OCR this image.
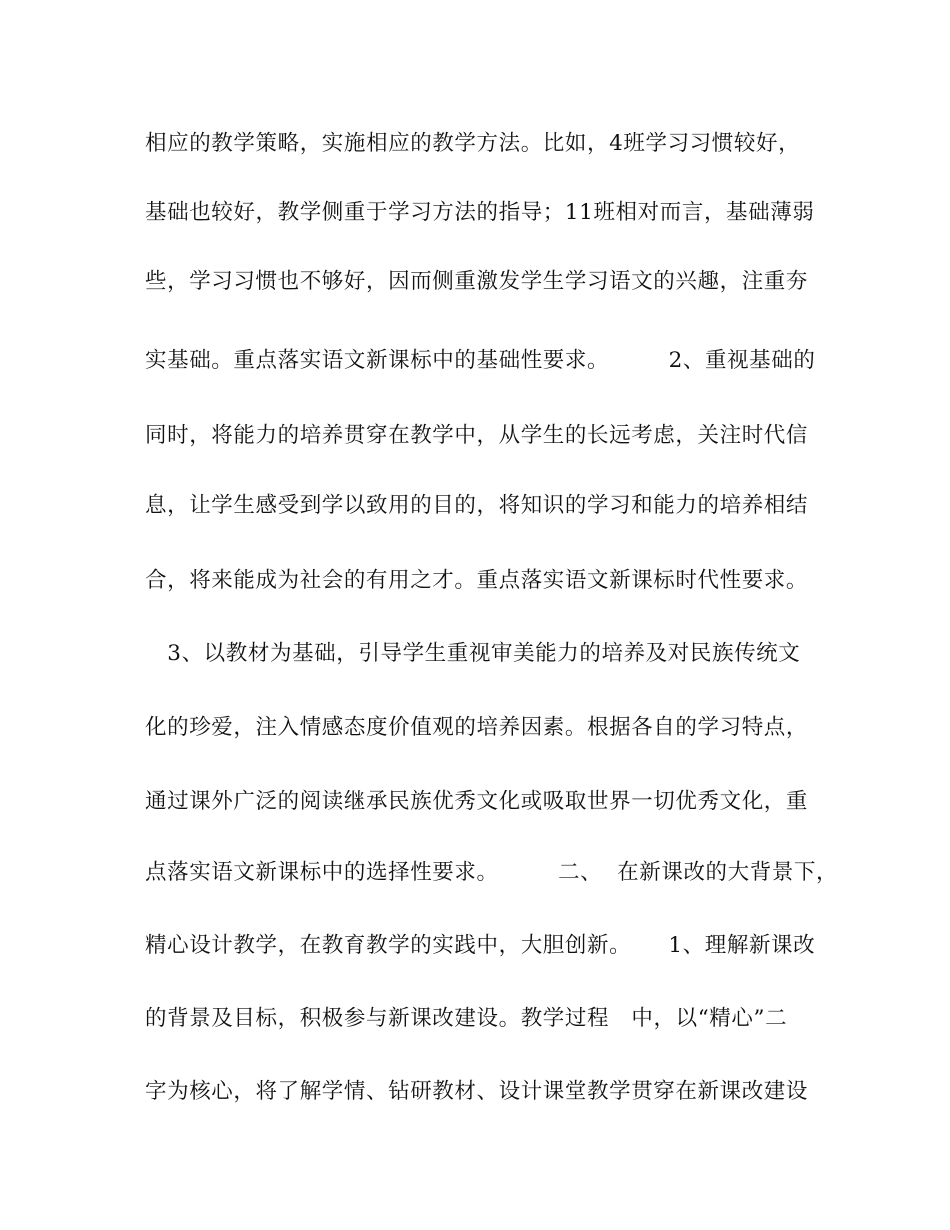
相应的教学策略，实施相应的教学方法。比如，4班学习习惯较好，
基础也较好，教学侧重于学习方法的指导；11班相对而言，基础薄弱
些，学习习惯也不够好，因而侧重激发学生学习语文的兴趣，注重夯
实基础。重点落实语文新课标中的基础性要求。        2、重视基础的
同时，将能力的培养贯穿在教学中，从学生的长远考虑，关注时代信
息，让学生感受到学以致用的目的，将知识的学习和能力的培养相结
合，将来能成为社会的有用之才。重点落实语文新课标时代性要求。
3、以教材为基础，引导学生重视审美能力的培养及对民族传统文
化的珍爱，注入情感态度价值观的培养因素。根据各自的学习特点，
通过课外广泛的阅读继承民族优秀文化或吸取世界一切优秀文化，重
点落实语文新课标中的选择性要求。        二、  在新课改的大背景下，
精心设计教学，在教育教学的实践中，大胆创新。     1、理解新课改
的背景及目标，积极参与新课改建设。教学过程   中，以“精心”二
字为核心，将了解学情、钻研教材、设计课堂教学贯穿在新课改建设
